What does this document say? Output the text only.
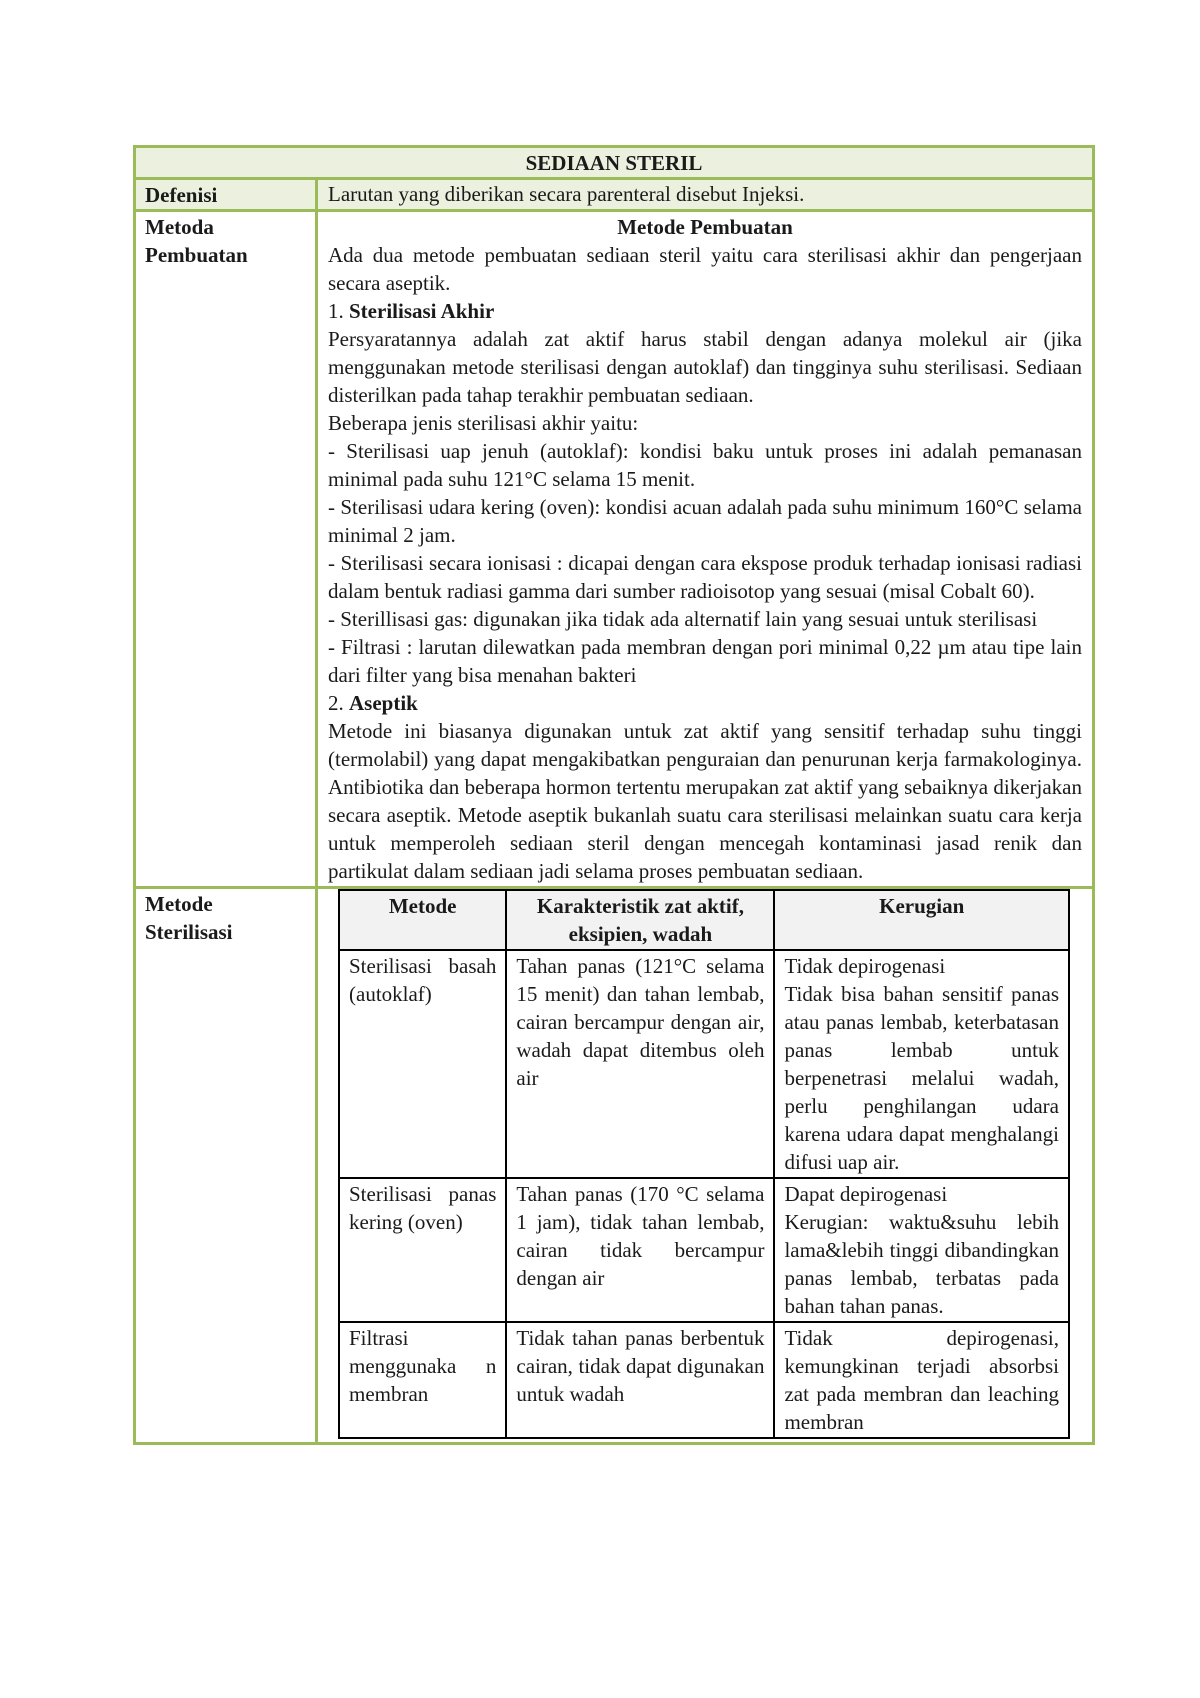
SEDIAAN STERIL
Defenisi	Larutan yang diberikan secara parenteral disebut Injeksi.
Metoda
Pembuatan

Metode Pembuatan

Ada dua metode pembuatan sediaan steril yaitu cara sterilisasi akhir dan pengerjaan secara aseptik.

1. Sterilisasi Akhir

Persyaratannya adalah zat aktif harus stabil dengan adanya molekul air (jika menggunakan metode sterilisasi dengan autoklaf) dan tingginya suhu sterilisasi. Sediaan disterilkan pada tahap terakhir pembuatan sediaan.

Beberapa jenis sterilisasi akhir yaitu:

- Sterilisasi uap jenuh (autoklaf): kondisi baku untuk proses ini adalah pemanasan minimal pada suhu 121°C selama 15 menit.

- Sterilisasi udara kering (oven): kondisi acuan adalah pada suhu minimum 160°C selama minimal 2 jam.

- Sterilisasi secara ionisasi : dicapai dengan cara ekspose produk terhadap ionisasi radiasi dalam bentuk radiasi gamma dari sumber radioisotop yang sesuai (misal Cobalt 60).

- Sterillisasi gas: digunakan jika tidak ada alternatif lain yang sesuai untuk sterilisasi

- Filtrasi : larutan dilewatkan pada membran dengan pori minimal 0,22 µm atau tipe lain dari filter yang bisa menahan bakteri

2. Aseptik

Metode ini biasanya digunakan untuk zat aktif yang sensitif terhadap suhu tinggi (termolabil) yang dapat mengakibatkan penguraian dan penurunan kerja farmakologinya. Antibiotika dan beberapa hormon tertentu merupakan zat aktif yang sebaiknya dikerjakan secara aseptik. Metode aseptik bukanlah suatu cara sterilisasi melainkan suatu cara kerja untuk memperoleh sediaan steril dengan mencegah kontaminasi jasad renik dan partikulat dalam sediaan jadi selama proses pembuatan sediaan.

Metode
Sterilisasi
Metode	Karakteristik zat aktif, eksipien, wadah	Kerugian
Sterilisasi basah (autoklaf)	Tahan panas (121°C selama 15 menit) dan tahan lembab, cairan bercampur dengan air, wadah dapat ditembus oleh air	Tidak depirogenasi
Tidak bisa bahan sensitif panas atau panas lembab, keterbatasan panas lembab untuk berpenetrasi melalui wadah, perlu penghilangan udara karena udara dapat menghalangi difusi uap air.

Sterilisasi panas kering (oven)	Tahan panas (170 °C selama 1 jam), tidak tahan lembab, cairan tidak bercampur dengan air	Dapat depirogenasi
Kerugian: waktu&suhu lebih lama&lebih tinggi dibandingkan panas lembab, terbatas pada bahan tahan panas.

Filtrasi menggunaka n membran	Tidak tahan panas berbentuk cairan, tidak dapat digunakan untuk wadah	Tidak depirogenasi, kemungkinan terjadi absorbsi zat pada membran dan leaching membran
